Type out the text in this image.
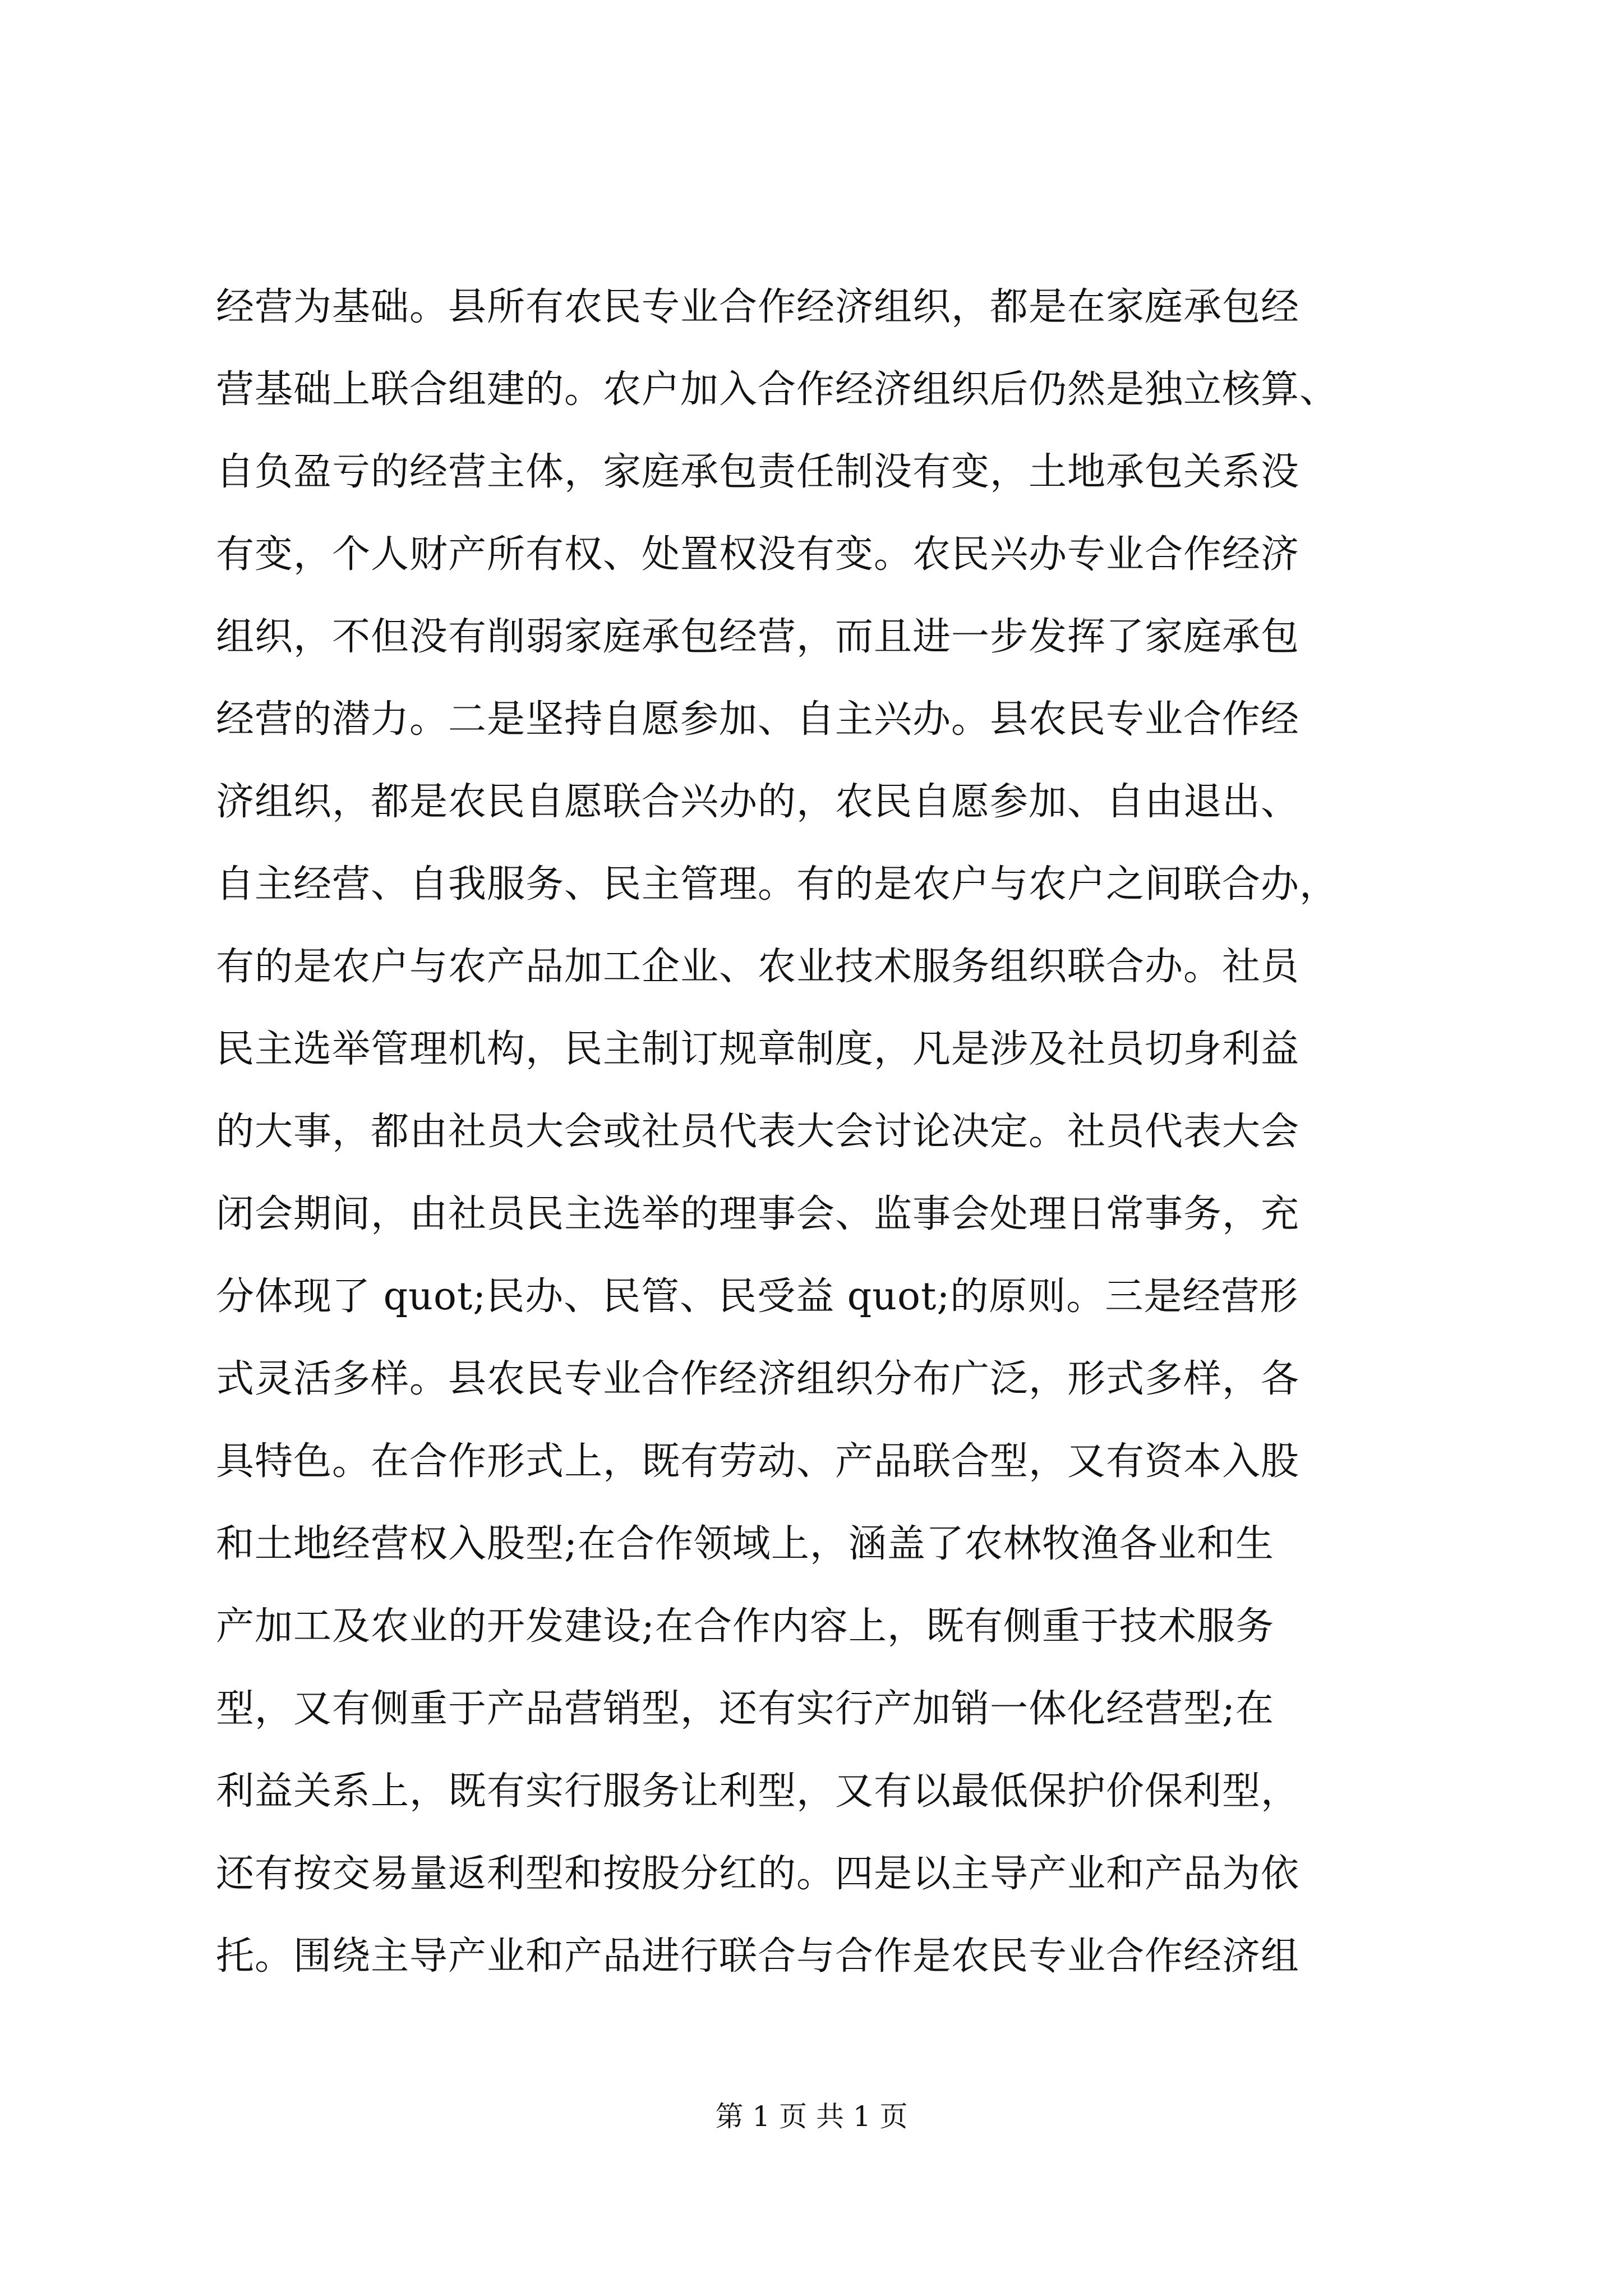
经营为基础。县所有农民专业合作经济组织，都是在家庭承包经
营基础上联合组建的。农户加入合作经济组织后仍然是独立核算、
自负盈亏的经营主体，家庭承包责任制没有变，土地承包关系没
有变，个人财产所有权、处置权没有变。农民兴办专业合作经济
组织，不但没有削弱家庭承包经营，而且进一步发挥了家庭承包
经营的潜力。二是坚持自愿参加、自主兴办。县农民专业合作经
济组织，都是农民自愿联合兴办的，农民自愿参加、自由退出、
自主经营、自我服务、民主管理。有的是农户与农户之间联合办，
有的是农户与农产品加工企业、农业技术服务组织联合办。社员
民主选举管理机构，民主制订规章制度，凡是涉及社员切身利益
的大事，都由社员大会或社员代表大会讨论决定。社员代表大会
闭会期间，由社员民主选举的理事会、监事会处理日常事务，充
分体现了 quot;民办、民管、民受益 quot;的原则。三是经营形
式灵活多样。县农民专业合作经济组织分布广泛，形式多样，各
具特色。在合作形式上，既有劳动、产品联合型，又有资本入股
和土地经营权入股型;在合作领域上，涵盖了农林牧渔各业和生
产加工及农业的开发建设;在合作内容上，既有侧重于技术服务
型，又有侧重于产品营销型，还有实行产加销一体化经营型;在
利益关系上，既有实行服务让利型，又有以最低保护价保利型，
还有按交易量返利型和按股分红的。四是以主导产业和产品为依
托。围绕主导产业和产品进行联合与合作是农民专业合作经济组
第 1 页 共 1 页
